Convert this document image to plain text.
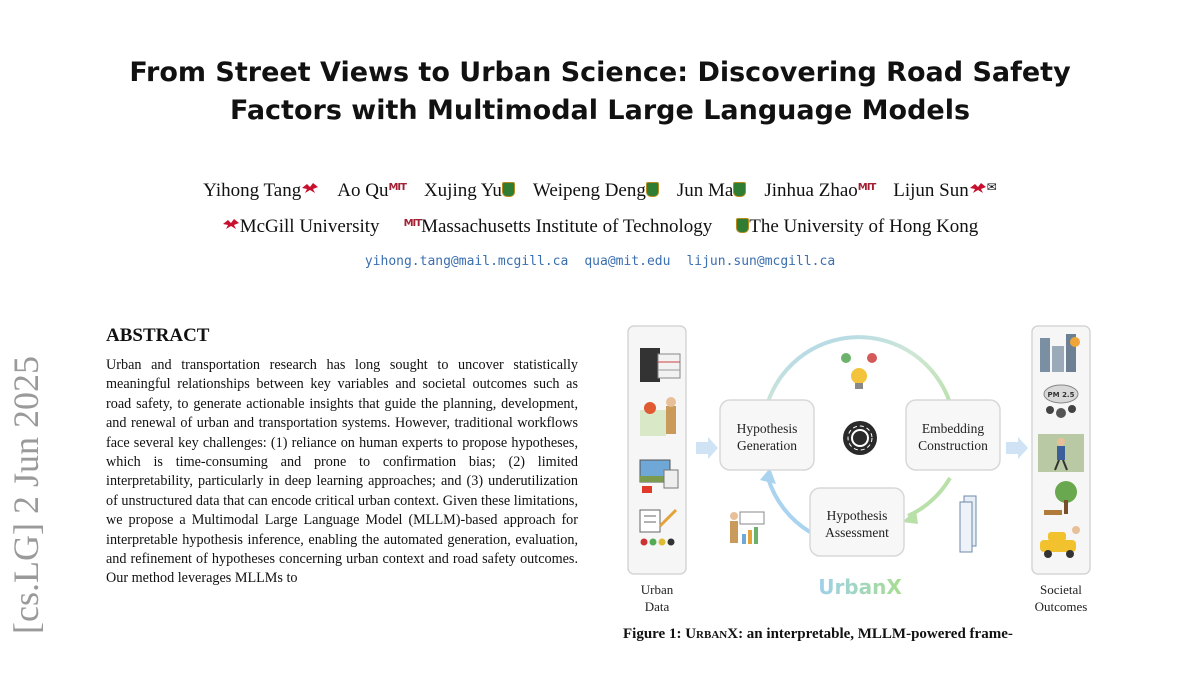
From Street Views to Urban Science: Discovering Road Safety
Factors with Multimodal Large Language Models
Yihong Tang Ao QuMIT Xujing Yu Weipeng Deng Jun Ma Jinhua ZhaoMIT Lijun Sun ✉
McGill University MITMassachusetts Institute of Technology The University of Hong Kong
yihong.tang@mail.mcgill.ca qua@mit.edu lijun.sun@mcgill.ca
[cs.LG] 2 Jun 2025
ABSTRACT
Urban and transportation research has long sought to uncover statistically meaningful relationships between key variables and societal outcomes such as road safety, to generate actionable insights that guide the planning, development, and renewal of urban and transportation systems. However, traditional workflows face several key challenges: (1) reliance on human experts to propose hypotheses, which is time-consuming and prone to confirmation bias; (2) limited interpretability, particularly in deep learning approaches; and (3) underutilization of unstructured data that can encode critical urban context. Given these limitations, we propose a Multimodal Large Language Model (MLLM)-based approach for interpretable hypothesis inference, enabling the automated generation, evaluation, and refinement of hypotheses concerning urban context and road safety outcomes. Our method leverages MLLMs to
Urban
Data
Hypothesis
Generation
Embedding
Construction
Hypothesis
Assessment
UrbanX
PM 2.5
Societal
Outcomes
Figure 1: UrbanX: an interpretable, MLLM-powered frame-
